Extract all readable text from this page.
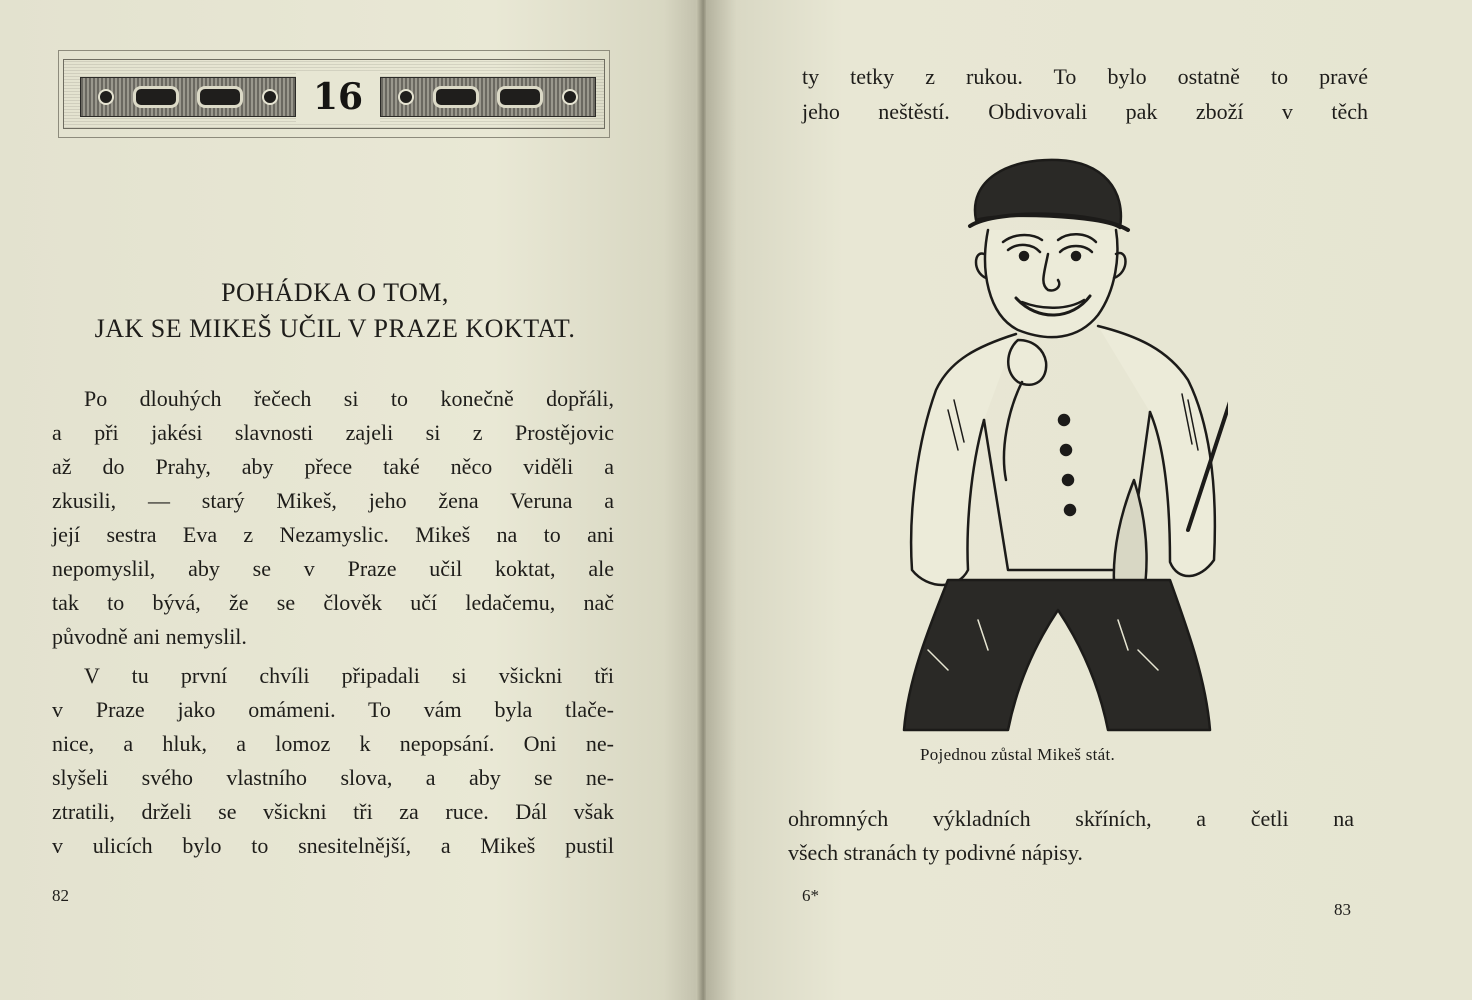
16
POHÁDKA O TOM,
JAK SE MIKEŠ UČIL V PRAZE KOKTAT.
Po dlouhých řečech si to konečně dopřáli,
a při jakési slavnosti zajeli si z Prostějovic
až do Prahy, aby přece také něco viděli a
zkusili, — starý Mikeš, jeho žena Veruna a
její sestra Eva z Nezamyslic. Mikeš na to ani
nepomyslil, aby se v Praze učil koktat, ale
tak to bývá, že se člověk učí ledačemu, nač
původně ani nemyslil.
V tu první chvíli připadali si všickni tři
v Praze jako omámeni. To vám byla tlače-
nice, a hluk, a lomoz k nepopsání. Oni ne-
slyšeli svého vlastního slova, a aby se ne-
ztratili, drželi se všickni tři za ruce. Dál však
v ulicích bylo to snesitelnější, a Mikeš pustil
82
ty tetky z rukou. To bylo ostatně to pravé
jeho neštěstí. Obdivovali pak zboží v těch
ohromných výkladních skříních, a četli na
všech stranách ty podivné nápisy.
6*
83
Pojednou zůstal Mikeš stát.
